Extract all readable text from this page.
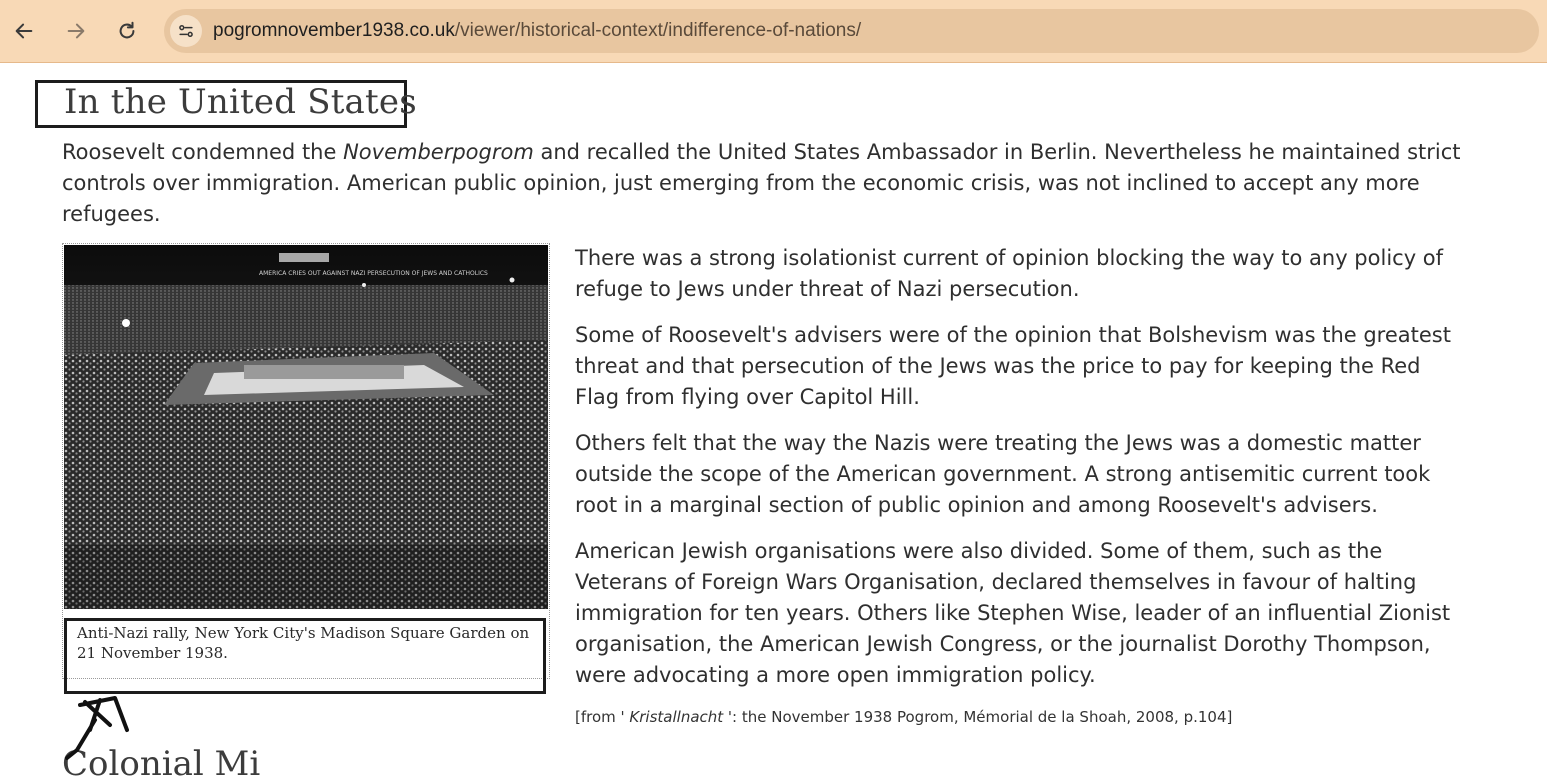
pogromnovember1938.co.uk/viewer/historical-context/indifference-of-nations/
In the United States

Roosevelt condemned the Novemberpogrom and recalled the United States Ambassador in Berlin. Nevertheless he maintained strict controls over immigration. American public opinion, just emerging from the economic crisis, was not inclined to accept any more refugees.

AMERICA CRIES OUT AGAINST NAZI PERSECUTION OF JEWS AND CATHOLICS
Anti-Nazi rally, New York City's Madison Square Garden on 21 November 1938.

There was a strong isolationist current of opinion blocking the way to any policy of refuge to Jews under threat of Nazi persecution.

Some of Roosevelt's advisers were of the opinion that Bolshevism was the greatest threat and that persecution of the Jews was the price to pay for keeping the Red Flag from flying over Capitol Hill.

Others felt that the way the Nazis were treating the Jews was a domestic matter outside the scope of the American government. A strong antisemitic current took root in a marginal section of public opinion and among Roosevelt's advisers.

American Jewish organisations were also divided. Some of them, such as the Veterans of Foreign Wars Organisation, declared themselves in favour of halting immigration for ten years. Others like Stephen Wise, leader of an influential Zionist organisation, the American Jewish Congress, or the journalist Dorothy Thompson, were advocating a more open immigration policy.

[from ' Kristallnacht ': the November 1938 Pogrom, Mémorial de la Shoah, 2008, p.104]
Colonial Mi
